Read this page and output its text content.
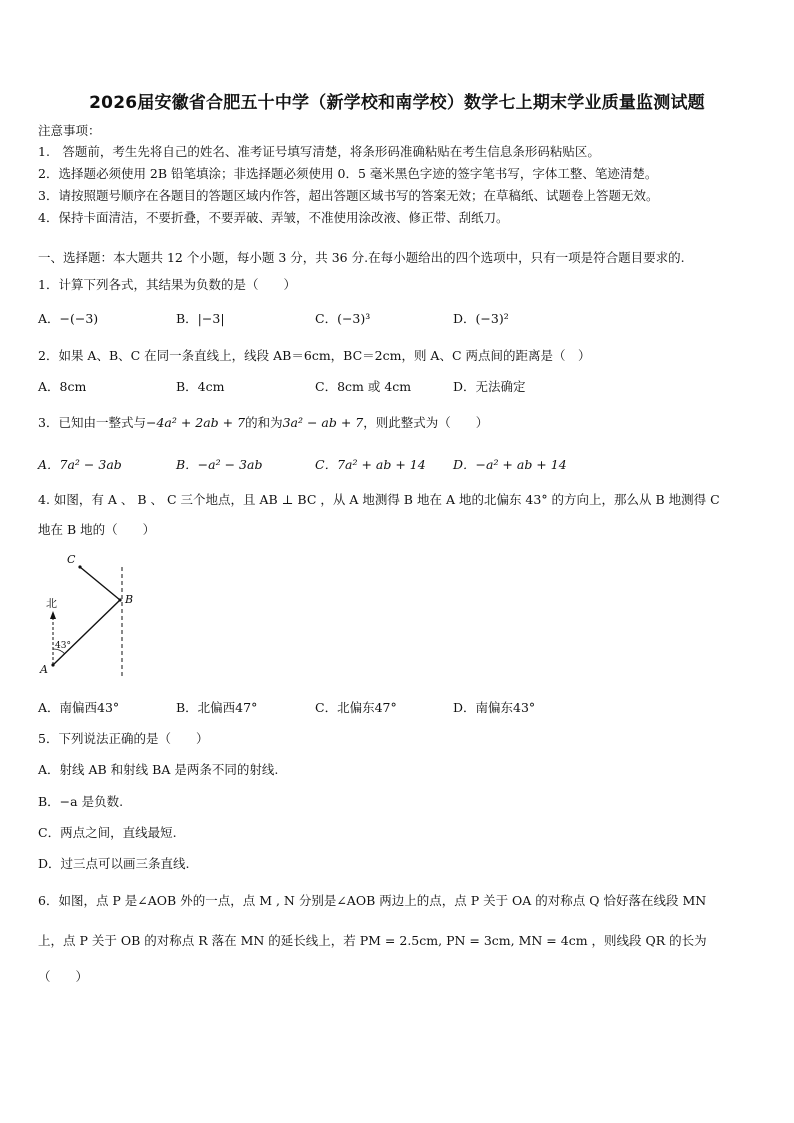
2026届安徽省合肥五十中学（新学校和南学校）数学七上期末学业质量监测试题
注意事项：
1.　答题前，考生先将自己的姓名、准考证号填写清楚，将条形码准确粘贴在考生信息条形码粘贴区。
2．选择题必须使用 2B 铅笔填涂；非选择题必须使用 0．5 毫米黑色字迹的签字笔书写，字体工整、笔迹清楚。
3．请按照题号顺序在各题目的答题区域内作答，超出答题区域书写的答案无效；在草稿纸、试题卷上答题无效。
4．保持卡面清洁，不要折叠，不要弄破、弄皱，不准使用涂改液、修正带、刮纸刀。
一、选择题：本大题共 12 个小题，每小题 3 分，共 36 分.在每小题给出的四个选项中，只有一项是符合题目要求的.
1．计算下列各式，其结果为负数的是（　　）
A．−(−3)	B．|−3|	C．(−3)³	D．(−3)²
2．如果 A、B、C 在同一条直线上，线段 AB＝6cm，BC＝2cm，则 A、C 两点间的距离是（　）
A．8cm	B．4cm	C．8cm 或 4cm	D．无法确定
3．已知由一整式与−4a² + 2ab + 7的和为3a² − ab + 7，则此整式为（　　）
A．7a² − 3ab	B．−a² − 3ab	C．7a² + ab + 14 D．−a² + ab + 14
4. 如图，有 A 、 B 、 C 三个地点，且 AB ⊥ BC ，从 A 地测得 B 地在 A 地的北偏东 43° 的方向上，那么从 B 地测得 C
地在 B 地的（　　）
北
43°
A
B
C
A．南偏西43°	B．北偏西47°	C．北偏东47°	D．南偏东43°
5．下列说法正确的是（　　）
A．射线 AB 和射线 BA 是两条不同的射线.
B．−a 是负数.
C．两点之间，直线最短.
D．过三点可以画三条直线.
6．如图，点 P 是∠AOB 外的一点，点 M , N 分别是∠AOB 两边上的点，点 P 关于 OA 的对称点 Q 恰好落在线段 MN
上，点 P 关于 OB 的对称点 R 落在 MN 的延长线上，若 PM = 2.5cm, PN = 3cm, MN = 4cm ，则线段 QR 的长为
（　　）
